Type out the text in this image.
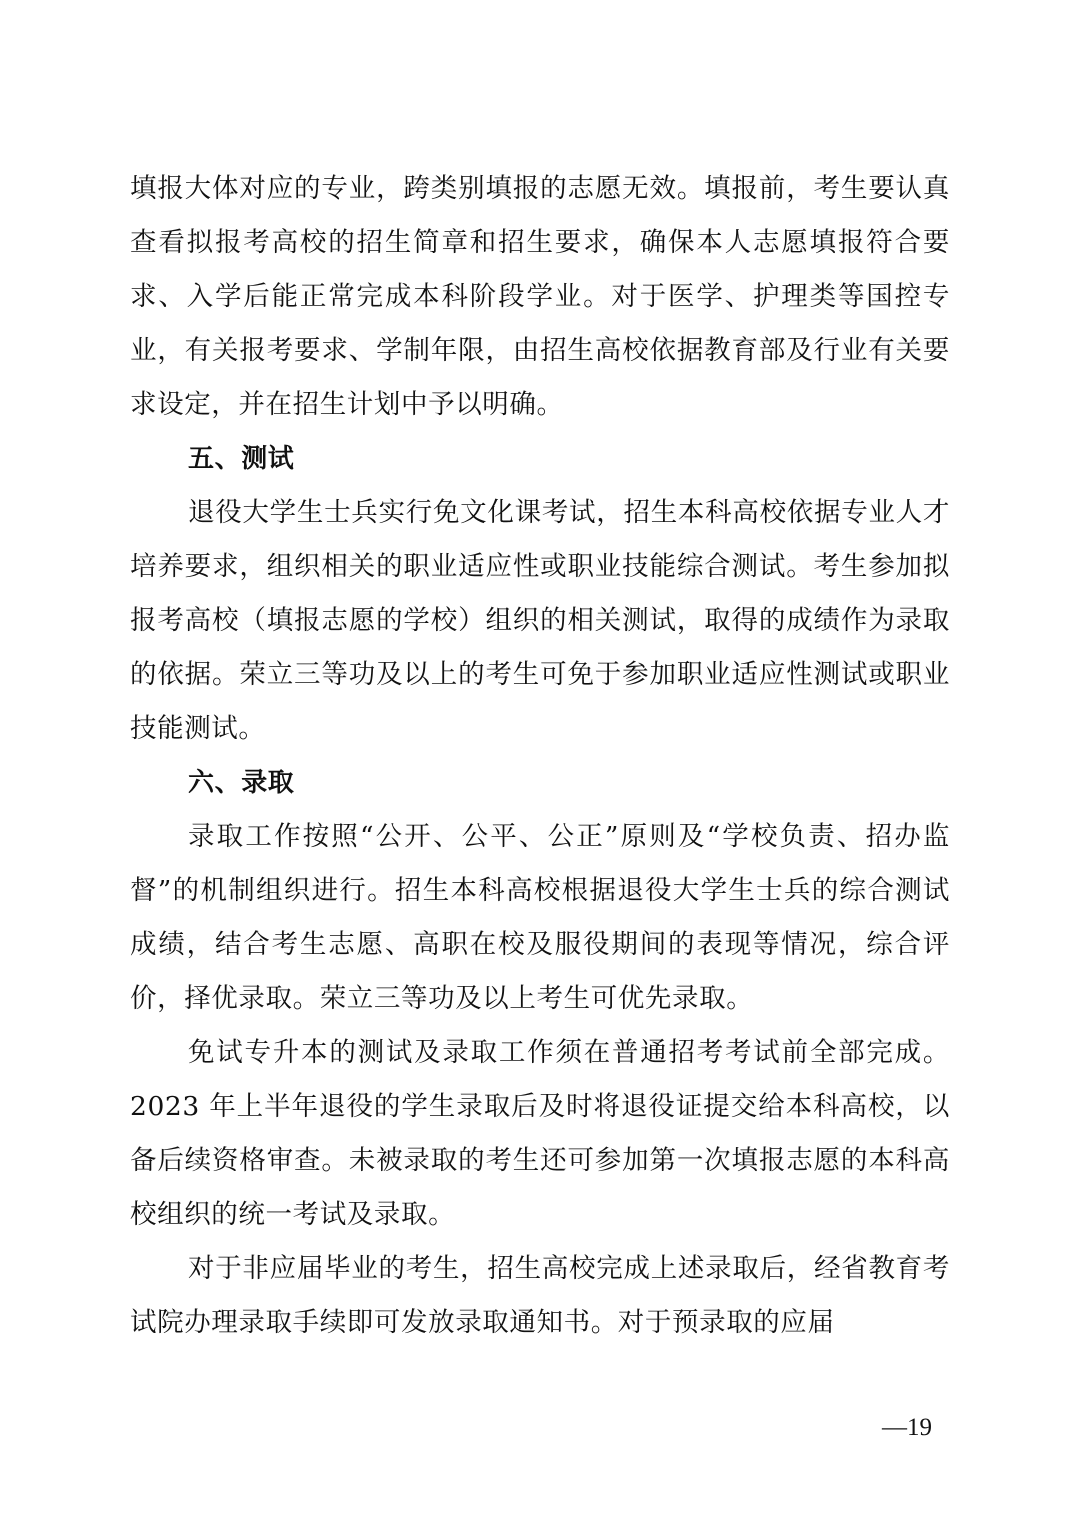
填报大体对应的专业，跨类别填报的志愿无效。填报前，考生要认真查看拟报考高校的招生简章和招生要求，确保本人志愿填报符合要求、入学后能正常完成本科阶段学业。对于医学、护理类等国控专业，有关报考要求、学制年限，由招生高校依据教育部及行业有关要求设定，并在招生计划中予以明确。

五、测试

退役大学生士兵实行免文化课考试，招生本科高校依据专业人才培养要求，组织相关的职业适应性或职业技能综合测试。考生参加拟报考高校（填报志愿的学校）组织的相关测试，取得的成绩作为录取的依据。荣立三等功及以上的考生可免于参加职业适应性测试或职业技能测试。

六、录取

录取工作按照“公开、公平、公正”原则及“学校负责、招办监督”的机制组织进行。招生本科高校根据退役大学生士兵的综合测试成绩，结合考生志愿、高职在校及服役期间的表现等情况，综合评价，择优录取。荣立三等功及以上考生可优先录取。

免试专升本的测试及录取工作须在普通招考考试前全部完成。2023 年上半年退役的学生录取后及时将退役证提交给本科高校，以备后续资格审查。未被录取的考生还可参加第一次填报志愿的本科高校组织的统一考试及录取。

对于非应届毕业的考生，招生高校完成上述录取后，经省教育考试院办理录取手续即可发放录取通知书。对于预录取的应届

—19
